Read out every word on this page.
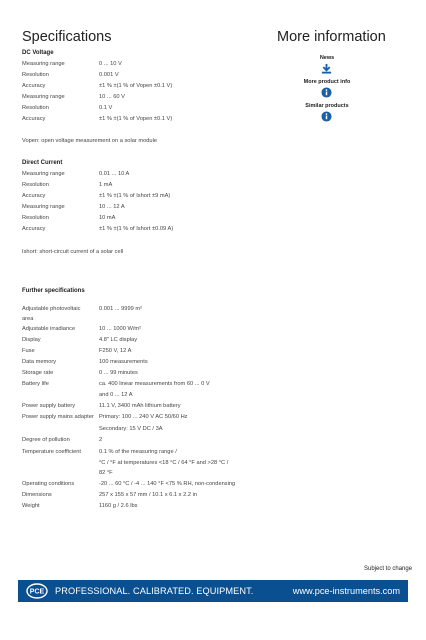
Specifications	More information
DC Voltage
Measuring range	0 ... 10 V
Resolution	0.001 V
Accuracy	±1 % ±(1 % of Vopen ±0.1 V)
Measuring range	10 ... 60 V
Resolution	0.1 V
Accuracy	±1 % ±(1 % of Vopen ±0.1 V)
Vopen: open voltage measurement on a solar module
Direct Current
Measuring range	0.01 ... 10 A
Resolution	1 mA
Accuracy	±1 % ±(1 % of Ishort ±9 mA)
Measuring range	10 ... 12 A
Resolution	10 mA
Accuracy	±1 % ±(1 % of Ishort ±0.09 A)
Ishort: short-circuit current of a solar cell
Further specifications
Adjustable photovoltaic	0.001 ... 9999 m²
area
Adjustable irradiance	10 ... 1000 W/m²
Display	4.8" LC display
Fuse	F250 V, 12 A
Data memory	100 measurements
Storage rate	0 ... 99 minutes
Battery life	ca. 400 linear measurements from 60 ... 0 V
and 0 ... 12 A
Power supply battery	11.1 V, 3400 mAh lithium battery
Power supply mains adapter Primary: 100 ... 240 V AC 50/60 Hz
Secondary: 15 V DC / 3A
Degree of pollution	2
Temperature coefficient	0.1 % of the measuring range /
°C / °F at temperatures <18 °C / 64 °F and >28 °C /
82 °F
Operating conditions	-20 ... 60 °C / -4 ... 140 °F <75 % RH, non-condensing
Dimensions	257 x 155 x 57 mm / 10.1 x 6.1 x 2.2 in
Weight	1160 g / 2.6 lbs
News
More product info
Similar products
Subject to change
PCE PROFESSIONAL. CALIBRATED. EQUIPMENT.	www.pce-instruments.com
